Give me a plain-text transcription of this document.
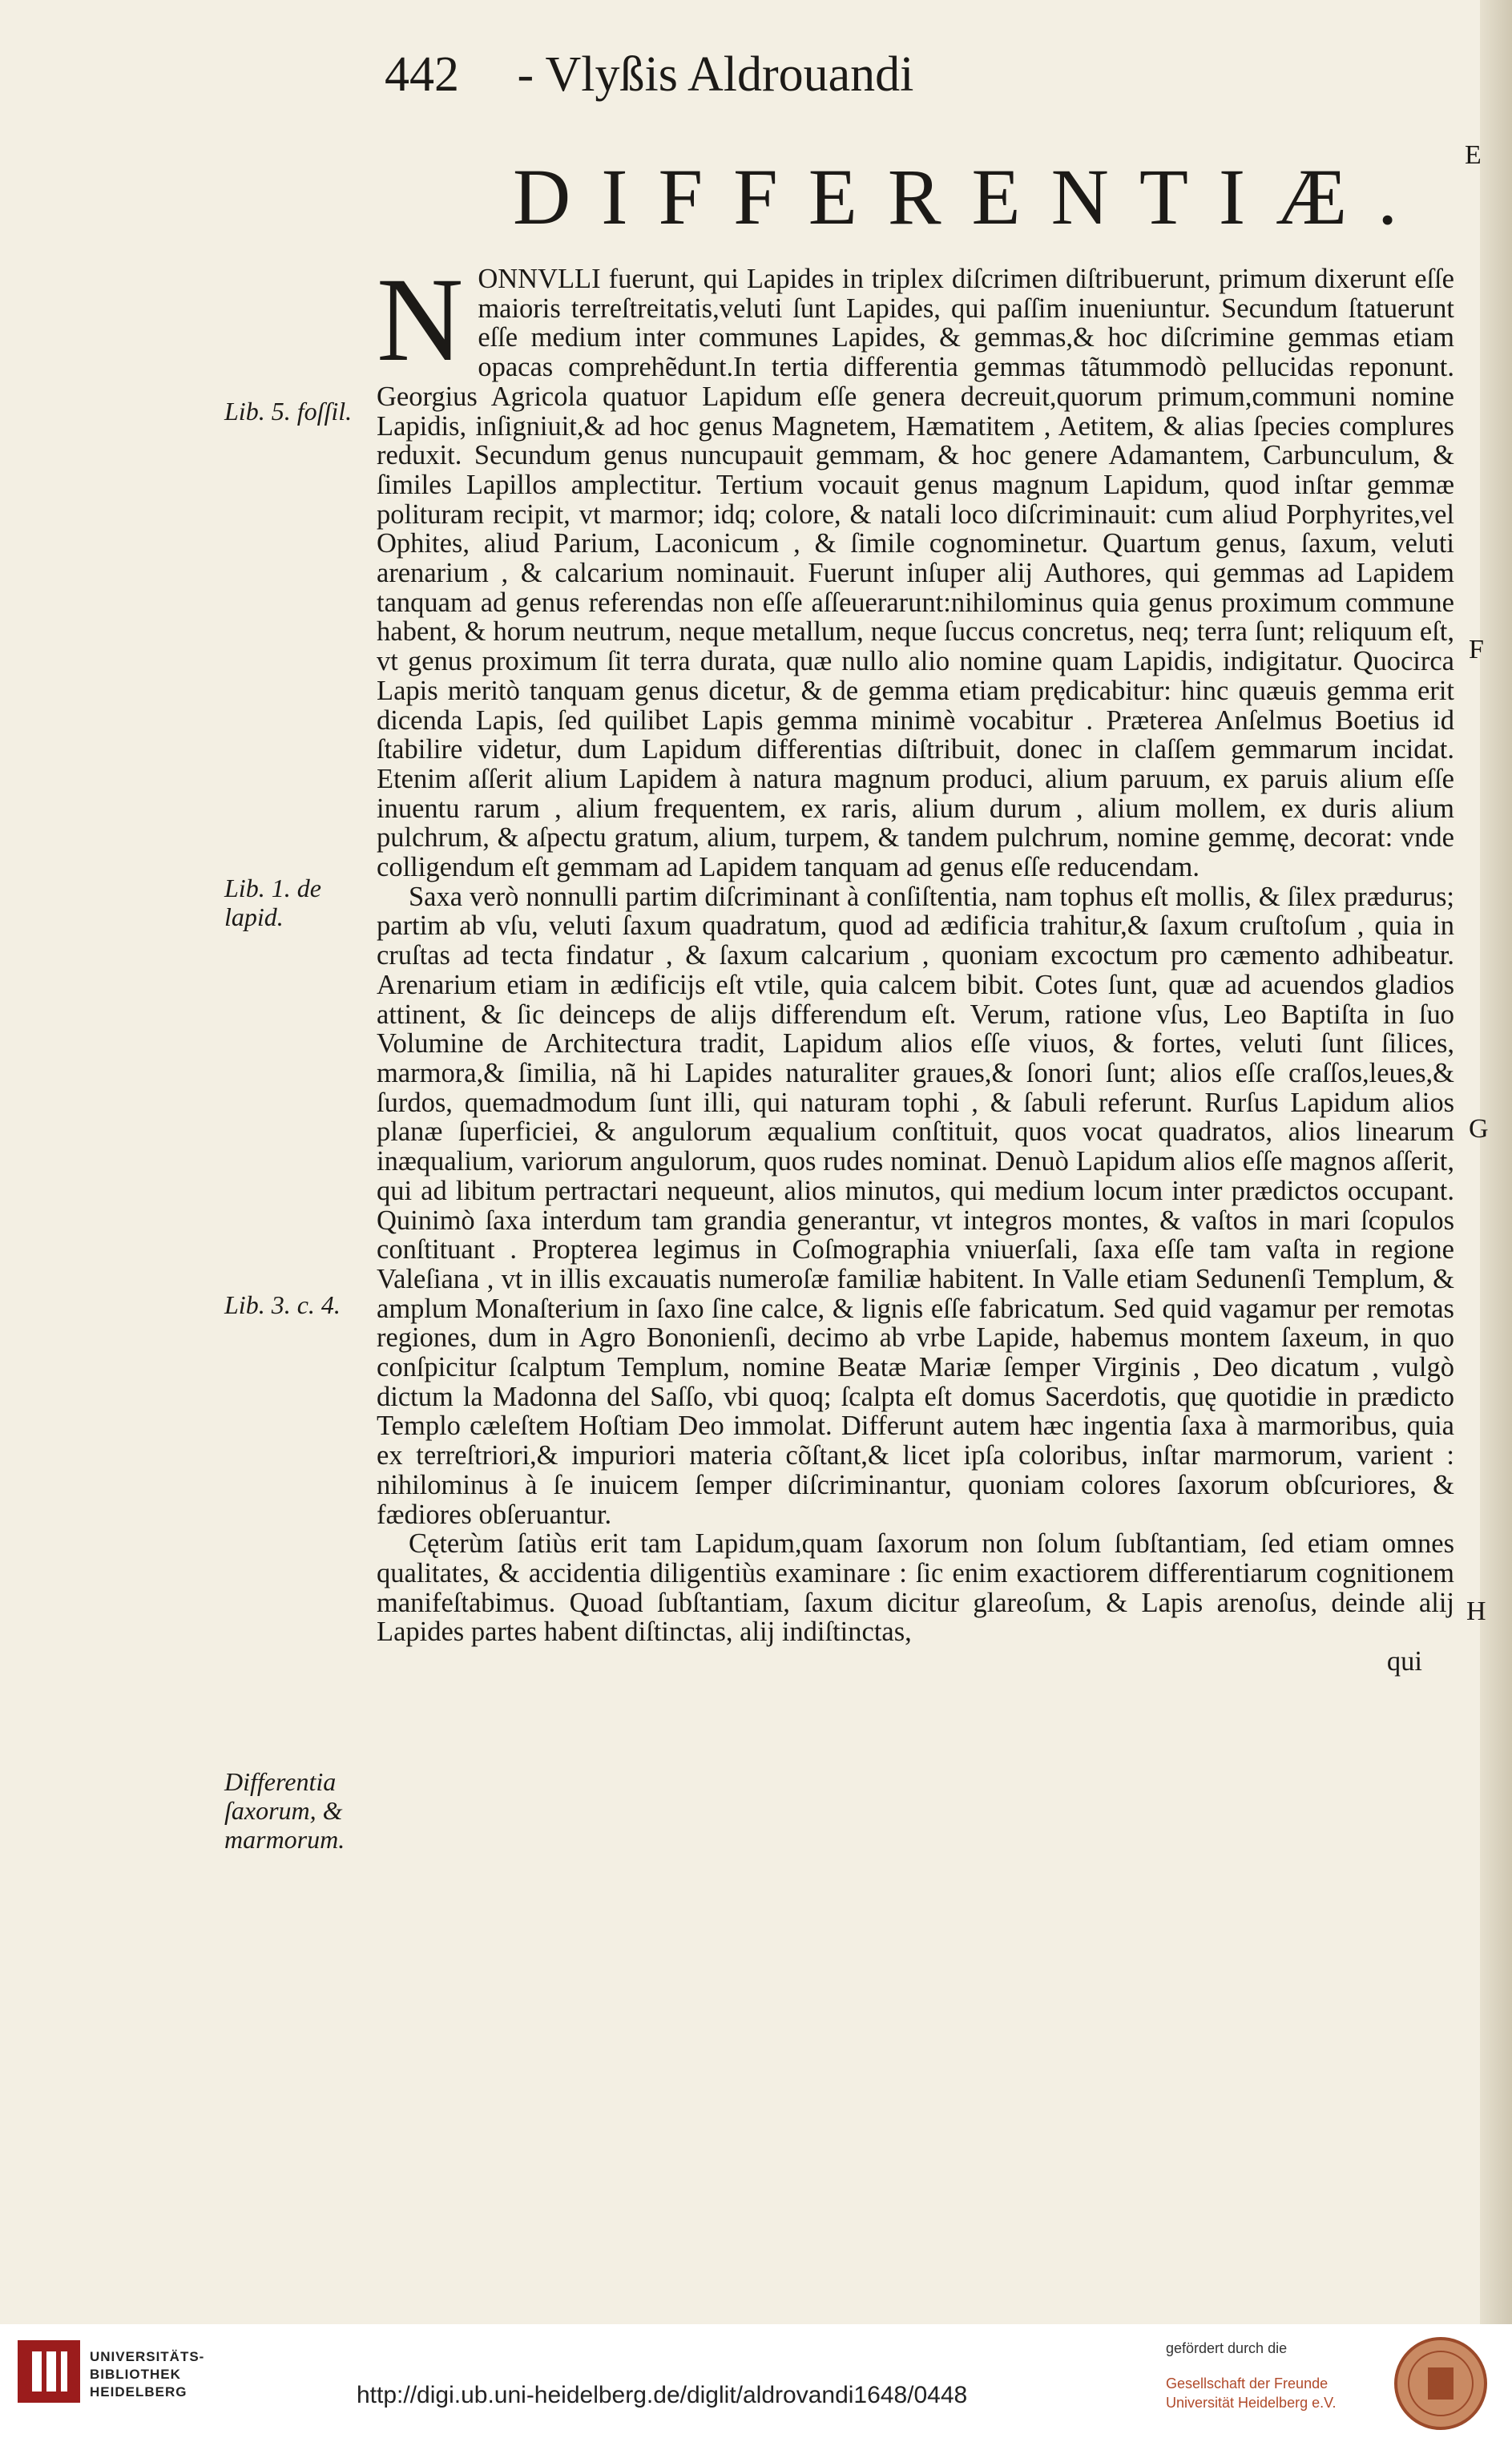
442 - Vlyßis Aldrouandi
E
F
G
H
DIFFERENTIÆ.
Lib. 5. foſſil.
Lib. 1. de lapid.
Lib. 3. c. 4.
Differentia ſaxorum, & marmorum.

NONNVLLI fuerunt, qui Lapides in triplex diſcrimen diſtribuerunt, primum dixerunt eſſe maioris terreſtreitatis,veluti ſunt Lapides, qui paſſim inueniuntur. Secundum ſtatuerunt eſſe medium inter communes Lapides, & gemmas,& hoc diſcrimine gemmas etiam opacas comprehẽdunt.In tertia differentia gemmas tãtummodò pellucidas reponunt. Georgius Agricola quatuor Lapidum eſſe genera decreuit,quorum primum,communi nomine Lapidis, inſigniuit,& ad hoc genus Magnetem, Hæmatitem , Aetitem, & alias ſpecies complures reduxit. Secundum genus nuncupauit gemmam, & hoc genere Adamantem, Carbunculum, & ſimiles Lapillos amplectitur. Tertium vocauit genus magnum Lapidum, quod inſtar gemmæ polituram recipit, vt marmor; idq; colore, & natali loco diſcriminauit: cum aliud Porphyrites,vel Ophites, aliud Parium, Laconicum , & ſimile cognominetur. Quartum genus, ſaxum, veluti arenarium , & calcarium nominauit. Fuerunt inſuper alij Authores, qui gemmas ad Lapidem tanquam ad genus referendas non eſſe aſſeuerarunt:nihilominus quia genus proximum commune habent, & horum neutrum, neque metallum, neque ſuccus concretus, neq; terra ſunt; reliquum eſt, vt genus proximum ſit terra durata, quæ nullo alio nomine quam Lapidis, indigitatur. Quocirca Lapis meritò tanquam genus dicetur, & de gemma etiam prędicabitur: hinc quæuis gemma erit dicenda Lapis, ſed quilibet Lapis gemma minimè vocabitur . Præterea Anſelmus Boetius id ſtabilire videtur, dum Lapidum differentias diſtribuit, donec in claſſem gemmarum incidat. Etenim aſſerit alium Lapidem à natura magnum produci, alium paruum, ex paruis alium eſſe inuentu rarum , alium frequentem, ex raris, alium durum , alium mollem, ex duris alium pulchrum, & aſpectu gratum, alium, turpem, & tandem pulchrum, nomine gemmę, decorat: vnde colligendum eſt gemmam ad Lapidem tanquam ad genus eſſe reducendam.

Saxa verò nonnulli partim diſcriminant à conſiſtentia, nam tophus eſt mollis, & ſilex prædurus; partim ab vſu, veluti ſaxum quadratum, quod ad ædificia trahitur,& ſaxum cruſtoſum , quia in cruſtas ad tecta findatur , & ſaxum calcarium , quoniam excoctum pro cæmento adhibeatur. Arenarium etiam in ædificijs eſt vtile, quia calcem bibit. Cotes ſunt, quæ ad acuendos gladios attinent, & ſic deinceps de alijs differendum eſt. Verum, ratione vſus, Leo Baptiſta in ſuo Volumine de Architectura tradit, Lapidum alios eſſe viuos, & fortes, veluti ſunt ſilices, marmora,& ſimilia, nã hi Lapides naturaliter graues,& ſonori ſunt; alios eſſe craſſos,leues,& ſurdos, quemadmodum ſunt illi, qui naturam tophi , & ſabuli referunt. Rurſus Lapidum alios planæ ſuperficiei, & angulorum æqualium conſtituit, quos vocat quadratos, alios linearum inæqualium, variorum angulorum, quos rudes nominat. Denuò Lapidum alios eſſe magnos aſſerit, qui ad libitum pertractari nequeunt, alios minutos, qui medium locum inter prædictos occupant. Quinimò ſaxa interdum tam grandia generantur, vt integros montes, & vaſtos in mari ſcopulos conſtituant . Propterea legimus in Coſmographia vniuerſali, ſaxa eſſe tam vaſta in regione Valeſiana , vt in illis excauatis numeroſæ familiæ habitent. In Valle etiam Sedunenſi Templum, & amplum Monaſterium in ſaxo ſine calce, & lignis eſſe fabricatum. Sed quid vagamur per remotas regiones, dum in Agro Bononienſi, decimo ab vrbe Lapide, habemus montem ſaxeum, in quo conſpicitur ſcalptum Templum, nomine Beatæ Mariæ ſemper Virginis , Deo dicatum , vulgò dictum la Madonna del Saſſo, vbi quoq; ſcalpta eſt domus Sacerdotis, quę quotidie in prædicto Templo cæleſtem Hoſtiam Deo immolat. Differunt autem hæc ingentia ſaxa à marmoribus, quia ex terreſtriori,& impuriori materia cõſtant,& licet ipſa coloribus, inſtar marmorum, varient : nihilominus à ſe inuicem ſemper diſcriminantur, quoniam colores ſaxorum obſcuriores, & fædiores obſeruantur.

Cęterùm ſatiùs erit tam Lapidum,quam ſaxorum non ſolum ſubſtantiam, ſed etiam omnes qualitates, & accidentia diligentiùs examinare : ſic enim exactiorem differentiarum cognitionem manifeſtabimus. Quoad ſubſtantiam, ſaxum dicitur glareoſum, & Lapis arenoſus, deinde alij Lapides partes habent diſtinctas, alij indiſtinctas,

qui
UNIVERSITÄTS-
BIBLIOTHEK
HEIDELBERG	http://digi.ub.uni-heidelberg.de/diglit/aldrovandi1648/0448
gefördert durch die
Gesellschaft der Freunde
Universität Heidelberg e.V.
